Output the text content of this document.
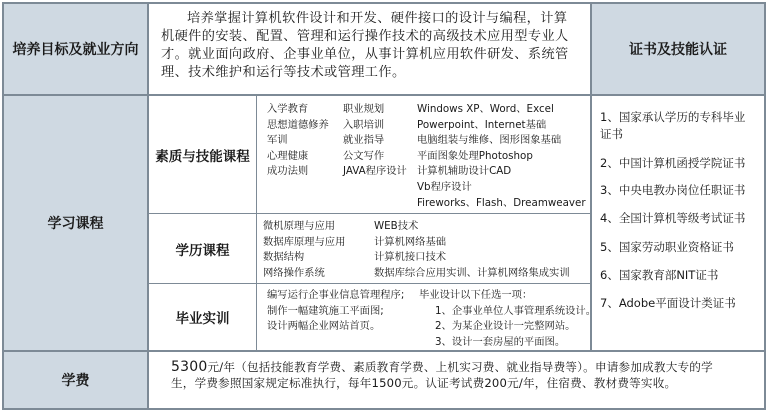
培养目标及就业方向

培养掌握计算机软件设计和开发、硬件接口的设计与编程，计算机硬件的安装、配置、管理和运行操作技术的高级技术应用型专业人才。就业面向政府、企事业单位，从事计算机应用软件研发、系统管理、技术维护和运行等技术或管理工作。

证书及技能认证
学习课程
素质与技能课程
入学教育
思想道德修养
军训
心理健康
成功法则
职业规划
入职培训
就业指导
公文写作
JAVA程序设计
Windows XP、Word、Excel
Powerpoint、Internet基础
电脑组装与维修、图形图象基础
平面图象处理Photoshop
计算机辅助设计CAD
Vb程序设计
Fireworks、Flash、Dreamweaver
学历课程
微机原理与应用
数据库原理与应用
数据结构
网络操作系统
WEB技术
计算机网络基础
计算机接口技术
数据库综合应用实训、计算机网络集成实训
毕业实训
编写运行企事业信息管理程序;
制作一幅建筑施工平面图;
设计两幅企业网站首页。
毕业设计以下任选一项：
1、企事业单位人事管理系统设计。
2、为某企业设计一完整网站。
3、设计一套房屋的平面图。
1、国家承认学历的专科毕业
证书
2、中国计算机函授学院证书
3、中央电教办岗位任职证书
4、全国计算机等级考试证书
5、国家劳动职业资格证书
6、国家教育部NIT证书
7、Adobe平面设计类证书
学费
5300元/年（包括技能教育学费、素质教育学费、上机实习费、就业指导费等）。申请参加成教大专的学
生，学费参照国家规定标准执行，每年1500元。认证考试费200元/年，住宿费、教材费等实收。
